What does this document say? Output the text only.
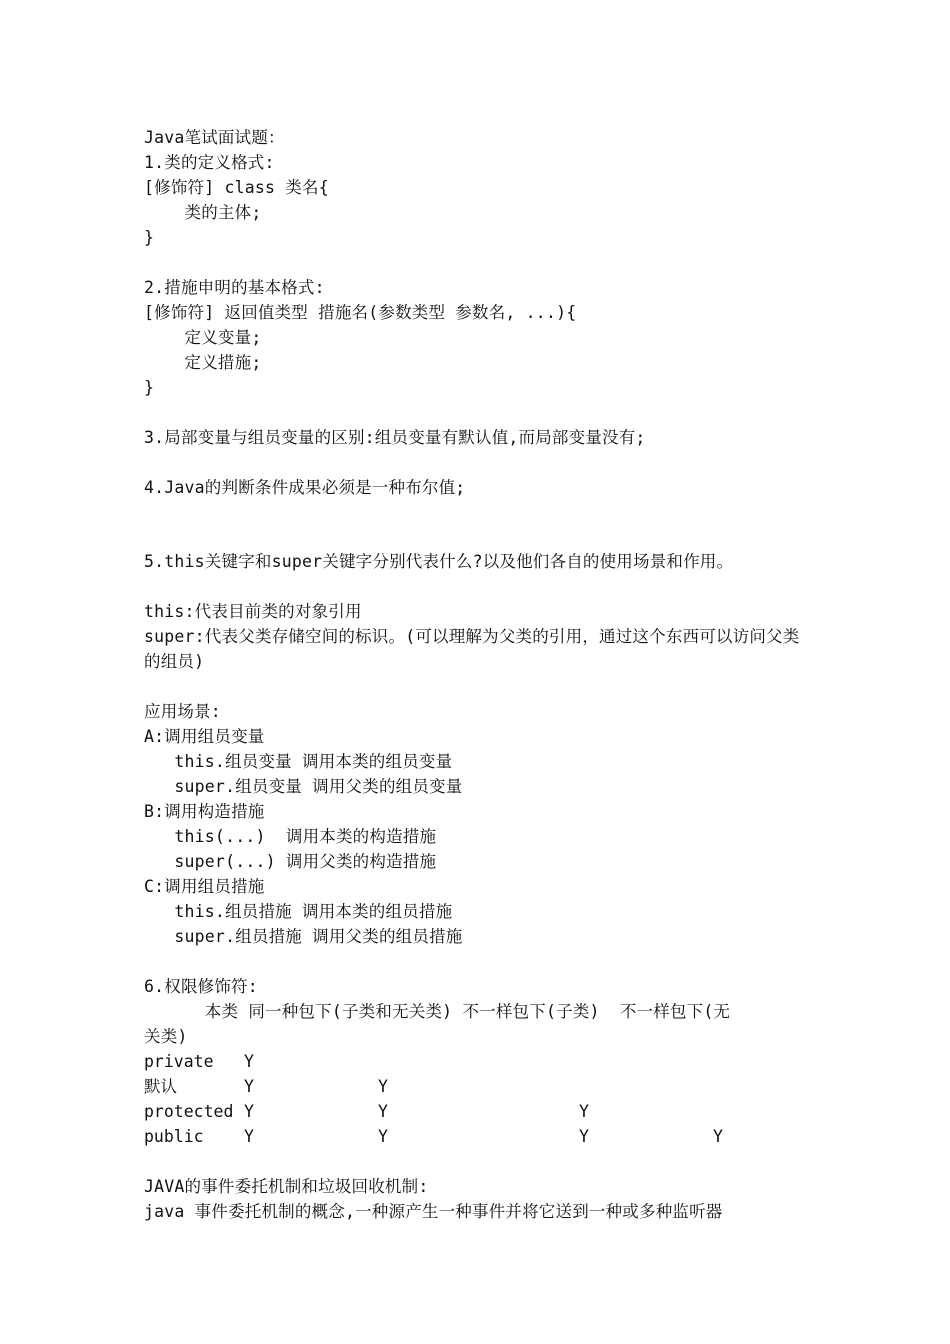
Java笔试面试题：
1.类的定义格式:
[修饰符] class 类名{
类的主体;
}
2.措施申明的基本格式:
[修饰符] 返回值类型 措施名(参数类型 参数名, ...){
定义变量;
定义措施;
}
3.局部变量与组员变量的区别:组员变量有默认值,而局部变量没有;
4.Java的判断条件成果必须是一种布尔值;
5.this关键字和super关键字分别代表什么?以及他们各自的使用场景和作用。
this:代表目前类的对象引用
super:代表父类存储空间的标识。(可以理解为父类的引用，通过这个东西可以访问父类的组员)
应用场景:
A:调用组员变量
this.组员变量 调用本类的组员变量
super.组员变量 调用父类的组员变量
B:调用构造措施
this(...)  调用本类的构造措施
super(...) 调用父类的构造措施
C:调用组员措施
this.组员措施 调用本类的组员措施
super.组员措施 调用父类的组员措施
6.权限修饰符:
本类 同一种包下(子类和无关类) 不一样包下(子类)  不一样包下(无
关类)
private Y
默认	Y	Y
protected Y	Y	Y
public Y	Y	Y	Y
JAVA的事件委托机制和垃圾回收机制:
java 事件委托机制的概念,一种源产生一种事件并将它送到一种或多种监听器
